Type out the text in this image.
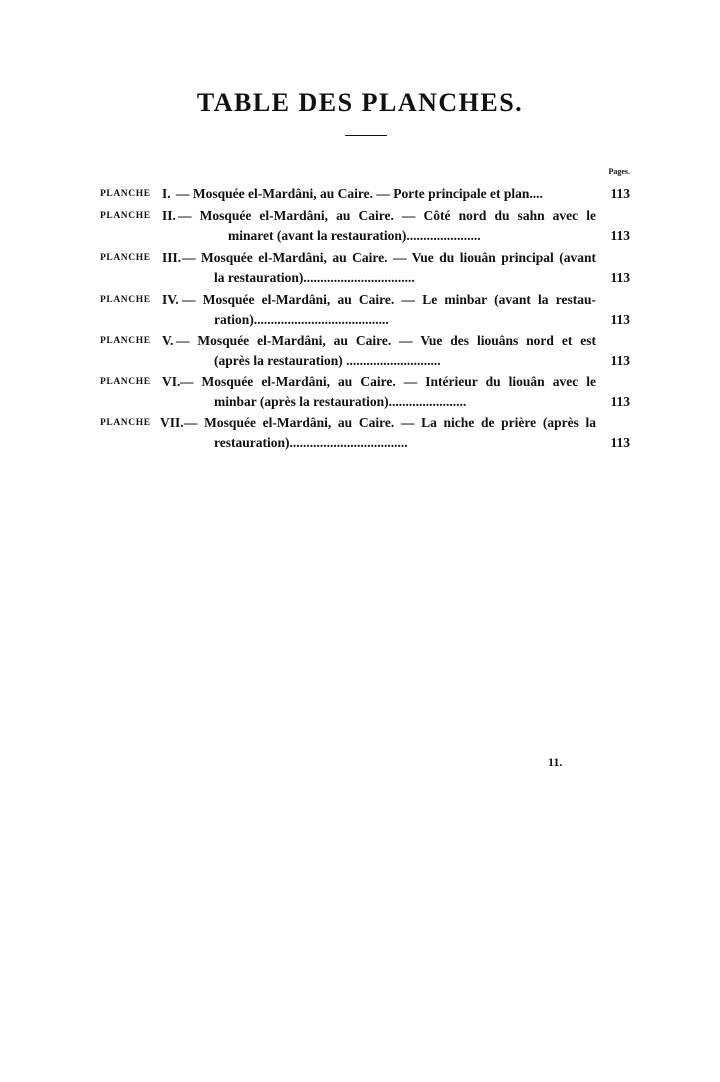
TABLE DES PLANCHES.
Pages.
PLANCHE I. — Mosquée el-Mardâni, au Caire. — Porte principale et plan....	113
PLANCHE II. — Mosquée el-Mardâni, au Caire. — Côté nord du sahn avec le
minaret (avant la restauration)......................	113
PLANCHE III. — Mosquée el-Mardâni, au Caire. — Vue du liouân principal (avant
la restauration).................................	113
PLANCHE IV. — Mosquée el-Mardâni, au Caire. — Le minbar (avant la restau-
ration)........................................	113
PLANCHE V. — Mosquée el-Mardâni, au Caire. — Vue des liouâns nord et est
(après la restauration) ............................	113
PLANCHE VI. — Mosquée el-Mardâni, au Caire. — Intérieur du liouân avec le
minbar (après la restauration).......................	113
PLANCHE VII. — Mosquée el-Mardâni, au Caire. — La niche de prière (après la
restauration)...................................	113
11.
